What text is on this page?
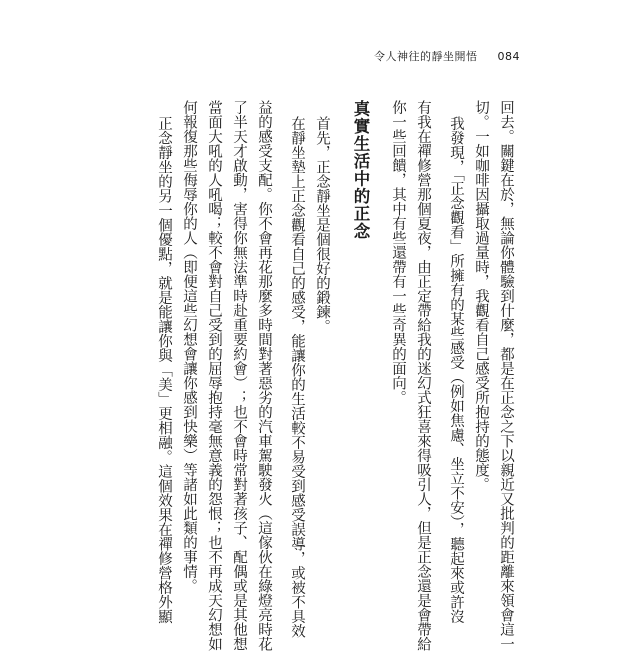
令人神往的靜坐開悟 084
回去。關鍵在於，無論你體驗到什麼，都是在正念之下以親近又批判的距離來領會這一
切。一如咖啡因攝取過量時，我觀看自己感受所抱持的態度。
我發現，「正念觀看」所擁有的某些感受（例如焦慮、坐立不安），聽起來或許沒
有我在禪修營那個夏夜，由正定帶給我的迷幻式狂喜來得吸引人，但是正念還是會帶給
你一些回饋，其中有些還帶有一些奇異的面向。
真實生活中的正念
首先，正念靜坐是個很好的鍛鍊。
在靜坐墊上正念觀看自己的感受，能讓你的生活較不易受到感受誤導，或被不具效
益的感受支配。你不會再花那麼多時間對著惡劣的汽車駕駛發火（這傢伙在綠燈亮時花
了半天才啟動，害得你無法準時赴重要約會）；也不會時常對著孩子、配偶或是其他想
當面大吼的人吼喝；較不會對自己受到的屈辱抱持毫無意義的怨恨；也不再成天幻想如
何報復那些侮辱你的人（即便這些幻想會讓你感到快樂）等諸如此類的事情。
正念靜坐的另一個優點，就是能讓你與「美」更相融。這個效果在禪修營格外顯
